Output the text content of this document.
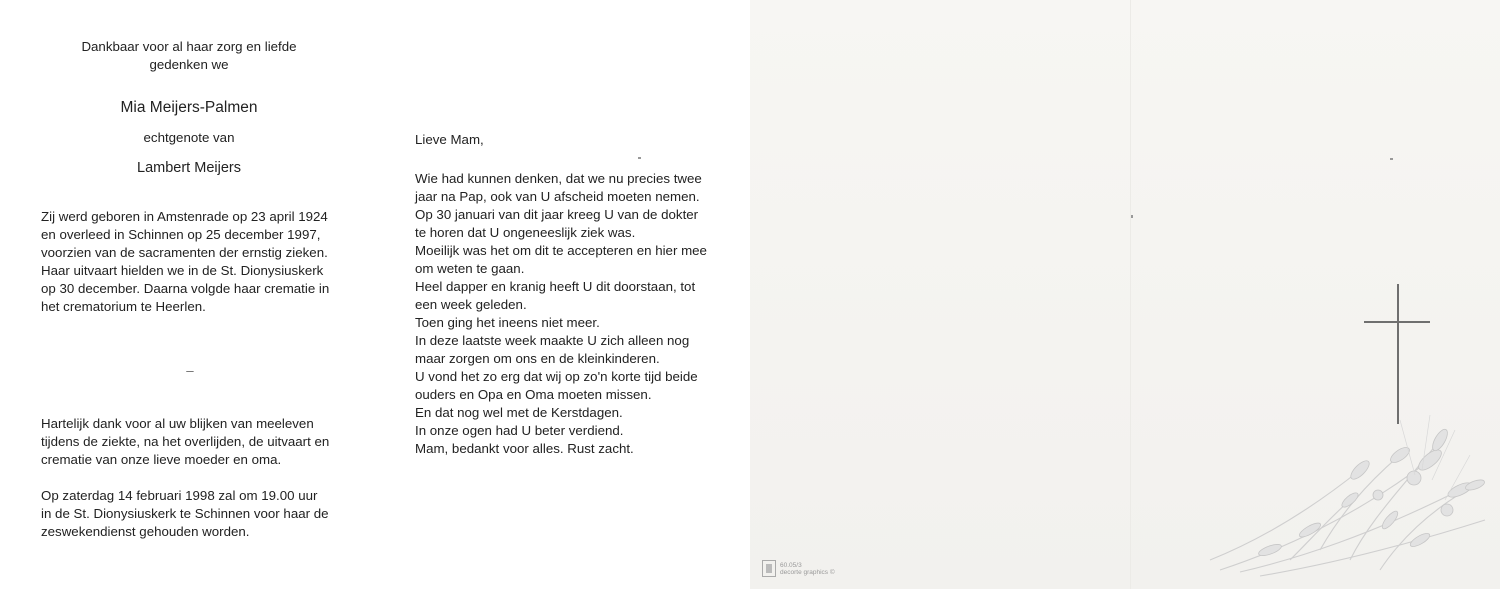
Dankbaar voor al haar zorg en liefde

gedenken we

Mia Meijers-Palmen

echtgenote van

Lambert Meijers

Zij werd geboren in Amstenrade op 23 april 1924

en overleed in Schinnen op 25 december 1997,

voorzien van de sacramenten der ernstig zieken.

Haar uitvaart hielden we in de St. Dionysiuskerk

op 30 december. Daarna volgde haar crematie in

het crematorium te Heerlen.

–

Hartelijk dank voor al uw blijken van meeleven

tijdens de ziekte, na het overlijden, de uitvaart en

crematie van onze lieve moeder en oma.

Op zaterdag 14 februari 1998 zal om 19.00 uur

in de St. Dionysiuskerk te Schinnen voor haar de

zeswekendienst gehouden worden.

Lieve Mam,

Wie had kunnen denken, dat we nu precies twee

jaar na Pap, ook van U afscheid moeten nemen.

Op 30 januari van dit jaar kreeg U van de dokter

te horen dat U ongeneeslijk ziek was.

Moeilijk was het om dit te accepteren en hier mee

om weten te gaan.

Heel dapper en kranig heeft U dit doorstaan, tot

een week geleden.

Toen ging het ineens niet meer.

In deze laatste week maakte U zich alleen nog

maar zorgen om ons en de kleinkinderen.

U vond het zo erg dat wij op zo'n korte tijd beide

ouders en Opa en Oma moeten missen.

En dat nog wel met de Kerstdagen.

In onze ogen had U beter verdiend.

Mam, bedankt voor alles. Rust zacht.

60.05/3
decorte graphics ©
